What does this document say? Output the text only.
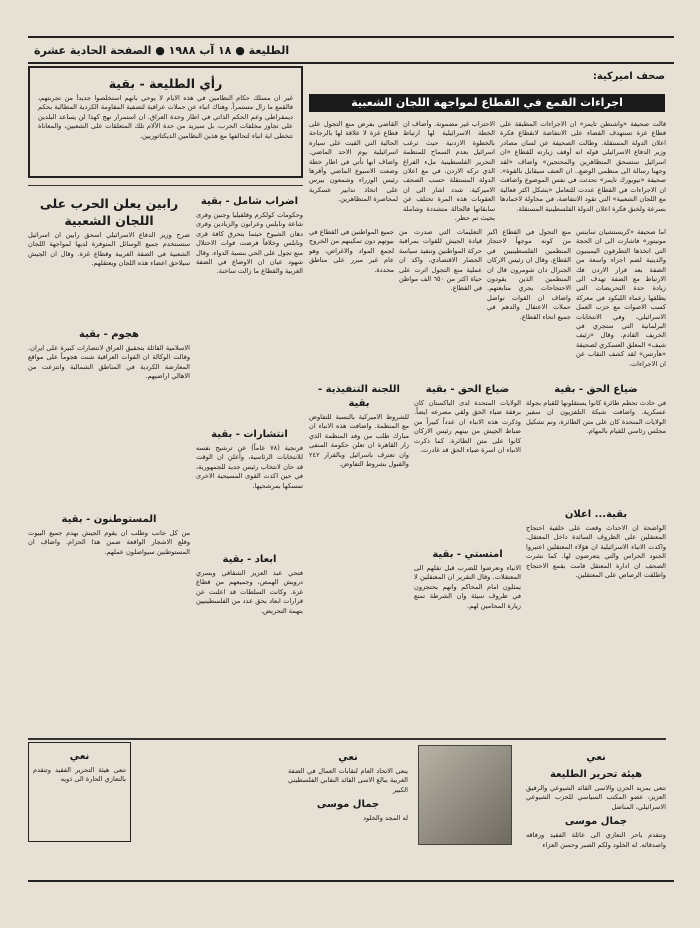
الطليعة ● ١٨ آب ١٩٨٨ ● الصفحة الحادية عشرة
صحف اميركية:
اجراءات القمع في القطاع لمواجهة اللجان الشعبية
رأي الطليعة - بقية
غير ان مسلك حكام النظامين في هذه الايام لا يوحي بانهم استخلصوا جديداً من تجربتهم، فالقمع ما زال مستمراً. وهناك انباء عن حملات عراقية لتصفية المقاومة الكردية المطالبة بحكم ديمقراطي وعم الحكم الذاتي في اطار وحدة العراق. ان استمرار نهج كهذا لن يساعد البلدين على تجاوز مخلفات الحرب، بل سيزيد من حدة الآلام تلك المتعلقات على الشعبين، والمعاناة تتخطى اية انباء لتحالفها مع هذين النظامين الديكتاتوريين.
قالت صحيفة «واشنطن تايمز» ان الاجراءات المطبقة على قطاع غزة تستهدف القضاء على الانتفاضة لانقطاع فكرة اعلان الدولة المستقلة. وطالت الصحيفة عن لسان مصادر وزير الدفاع الاسرائيلي قوله انه أوقف زيارته للقطاع «ان اسرائيل ستسحق المتظاهرين والمحتجين» واضاف «لقد وجهنا رسالة الى منظمي الوضع.. ان العنف سيقابل بالقوة». صحيفة «نيويورك تايمز» تحدثت في نفس الموضوع واضافت ان الاجراءات في القطاع عددت للتعامل «بشكل اكثر فعالية مع اللجان الشعبية» التي تقود الانتفاضة، في محاولة لاخمادها بسرعة ولخنق فكرة اعلان الدولة الفلسطينية المستقلة.
الاحتراب غير مضمونة. وأضاف ان الخطة الاسرائيلية لها ارتباط بالخطوة الاردنية حيث ترغب اسرائيل بعدم السماح للمنظمة التحرير الفلسطينية ملء الفراغ الذي تركه الاردن، في مع اعلان الدولة المستقلة حسب الصحف الاميركية. شدد اشار الى ان العقوبات هذه المرة تختلف عن سابقاتها فالحالة متشددة وشاملة بحيث تم حظر.
القاضي بفرض منع التجول على قطاع غزة لا علاقة لها بالرجاحة الحالية التي القيت على سيارة اسرائيلية يوم الاحد الماضي. واضاف انها تأتي في اطار خطة وضعت الاسبوع الماضي وأقرها رئيس الوزراء وشمعون بيرس على اتخاذ تدابير عسكرية لمحاصرة المتظاهرين.
اما صحيفة «كريستشيان ساينس مونيتور» فاشارت الى ان الحجة التي اتخذها التطرفون اليمينيون والدينية لضم اجزاء واسعة من الضفة بعد قرار الاردن فك الارتباط مع الضفة تهدف الى زيادة حدة التحريضات التي يطلقها زعماء الليكود في معركة كسب الاصوات مع حزب العمل الاسرائيلي، وفي الانتخابات البرلمانية التي ستجري في الخريف القادم. وقال «زئيف شيف» المعلق العسكري لصحيفة «هآرتس» لقد كشف النقاب عن ان الاجراءات.
منع التجول في القطاع اكبر من كونه موجهاً لاحتجاز المنظمين الفلسطينيين في القطاع. وقال ان رئيس الاركان الجنرال دان شومرون قال ان المنظمين الذين يقودون الاحتجاجات يجري متابعتهم. واضاف ان القوات تواصل حملات الاعتقال والدهم في جميع انحاء القطاع.
التعليمات التي صدرت من قيادة الجيش للقوات بمراقبة حركة المواطنين وتنفيذ سياسة الحصار الاقتصادي، واكد ان عملية منع التجول اثرت على حياة اكثر من ٦٥٠ الف مواطن في القطاع.
جميع المواطنين في القطاع في بيوتهم دون تمكينهم من الخروج لجمع المواد والاغراض، وهو عام غير مبرر على مناطق محددة.
اضراب شامل - بقية
وحكومات كولكرم وقلقيليا وجنين وقرى شاعة ونابلس وعرابون والزبادين وقرى دهان الشيوخ حيثما بتحرق كافة قرى ونابلس وخلافاً فرضت قوات الاحتلال منع تجول على الحي بنسبة الدواء. وقال شهود عيان ان الاوضاع في الضفة الغربية والقطاع ما زالت ساخنة.
رابين يعلن الحرب على اللجان الشعبية
صرح وزير الدفاع الاسرائيلي اسحق رابين ان اسرائيل ستستخدم جميع الوسائل المتوفرة لديها لمواجهة اللجان الشعبية في الضفة الغربية وقطاع غزة. وقال ان الجيش سيلاحق اعضاء هذه اللجان ويعتقلهم.
هجوم - بقية
الاسلامية القائلة بتحقيق العراق لانتصارات كبيرة على ايران. وقالت الوكالة ان القوات العراقية شنت هجوماً على مواقع المعارضة الكردية في المناطق الشمالية وانتزعت من الاهالي اراضيهم.
المستوطنون - بقية
من كل جانب وطلب ان يقوم الجيش بهدم جميع البيوت وقلع الاشجار الواقعة ضمن هذا الحزام. واضاف ان المستوطنين سيواصلون عملهم.
انتشارات - بقية
فرنجية (٧٨ عاماً) عن ترشيح نفسه للانتخابات الرئاسية، وأعلن ان الوقت قد حان لانتخاب رئيس جديد للجمهورية، في حين اكدت القوى المسيحية الاخرى تمسكها بمرشحيها.
ابعاد - بقية
فتحي عبد العزيز الشقاقي وبسري درويش الهمص، وجميعهم من قطاع غزة. وكانت السلطات قد اعلنت عن قرارات ابعاد بحق عدد من الفلسطينيين بتهمة التحريض.
اللجنة التنفيذية - بقية
للشروط الاميركية بالنسبة للتفاوض مع المنظمة. واضافت هذه الانباء ان مبارك طلب من وفد المنظمة الذي زار القاهرة ان تعلن حكومة المنفى وان تعترف باسرائيل وبالقرار ٢٤٢ والقبول بشروط التفاوض.
ضياع الحق - بقية
الولايات المتحدة لدى الباكستان كان برفقة ضياء الحق ولقي مصرعه ايضاً. وذكرت هذه الانباء ان عدداً كبيراً من ضباط الجيش من بينهم رئيس الاركان كانوا على متن الطائرة. كما ذكرت الانباء ان اسرة ضياء الحق قد غادرت.
ضياع الحق - بقية
في حادث تحطم طائرة كانوا يستقلونها للقيام بجولة عسكرية. واضافت شبكة التلفزيون ان سفير الولايات المتحدة كان على متن الطائرة، وتم تشكيل مجلس رئاسي للقيام بالمهام.
امتستي - بقية
الانباء وتعرضوا للضرب قبل نقلهم الى المعتقلات. وقال التقرير ان المعتقلين لا يمثلون امام المحاكم وانهم يحتجزون في ظروف سيئة وان الشرطة تمنع زيارة المحامين لهم.
بقية... اعلان
الواضحة ان الاحداث وقعت على خلفية احتجاج المعتقلين على الظروف السائدة داخل المعتقل. واكدت الانباء الاسرائيلية ان هؤلاء المعتقلين اعتبروا الجنود الحراس والتي يتعرضون لها. كما نشرت الصحف ان ادارة المعتقل قامت بقمع الاحتجاج واطلقت الرصاص على المعتقلين.
نعي
هيئة تحرير الطليعة
تنعى بمزيد الحزن والاسى القائد الشيوعي والرفيق العزيز، عضو المكتب السياسي للحزب الشيوعي الاسرائيلي، المناضل
جمال موسى
وتتقدم باحر التعازي الى عائلة الفقيد ورفاقه واصدقائه. له الخلود ولكم الصبر وحسن العزاء
نعي
ينعى الاتحاد العام لنقابات العمال في الضفة الغربية ببالغ الاسى القائد النقابي الفلسطيني الكبير
جمال موسى
له المجد والخلود
نعي
تنعى هيئة التحرير الفقيد وتتقدم بالتعازي الحارة الى ذويه
